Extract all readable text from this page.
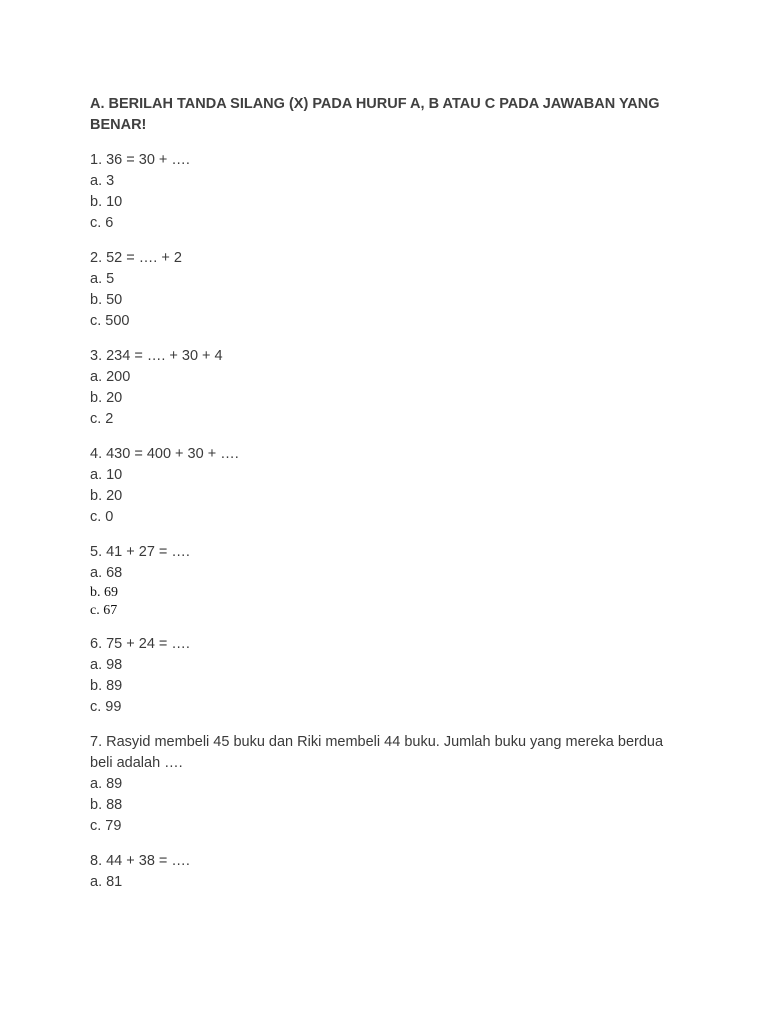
A. BERILAH TANDA SILANG (X) PADA HURUF A, B ATAU C PADA JAWABAN YANG BENAR!

1. 36 = 30 + ….

a. 3

b. 10

c. 6

2. 52 = …. + 2

a. 5

b. 50

c. 500

3. 234 = …. + 30 + 4

a. 200

b. 20

c. 2

4. 430 = 400 + 30 + ….

a. 10

b. 20

c. 0

5. 41 + 27 = ….

a. 68

b. 69

c. 67

6. 75 + 24 = ….

a. 98

b. 89

c. 99

7. Rasyid membeli 45 buku dan Riki membeli 44 buku. Jumlah buku yang mereka berdua beli adalah ….

a. 89

b. 88

c. 79

8. 44 + 38 = ….

a. 81
